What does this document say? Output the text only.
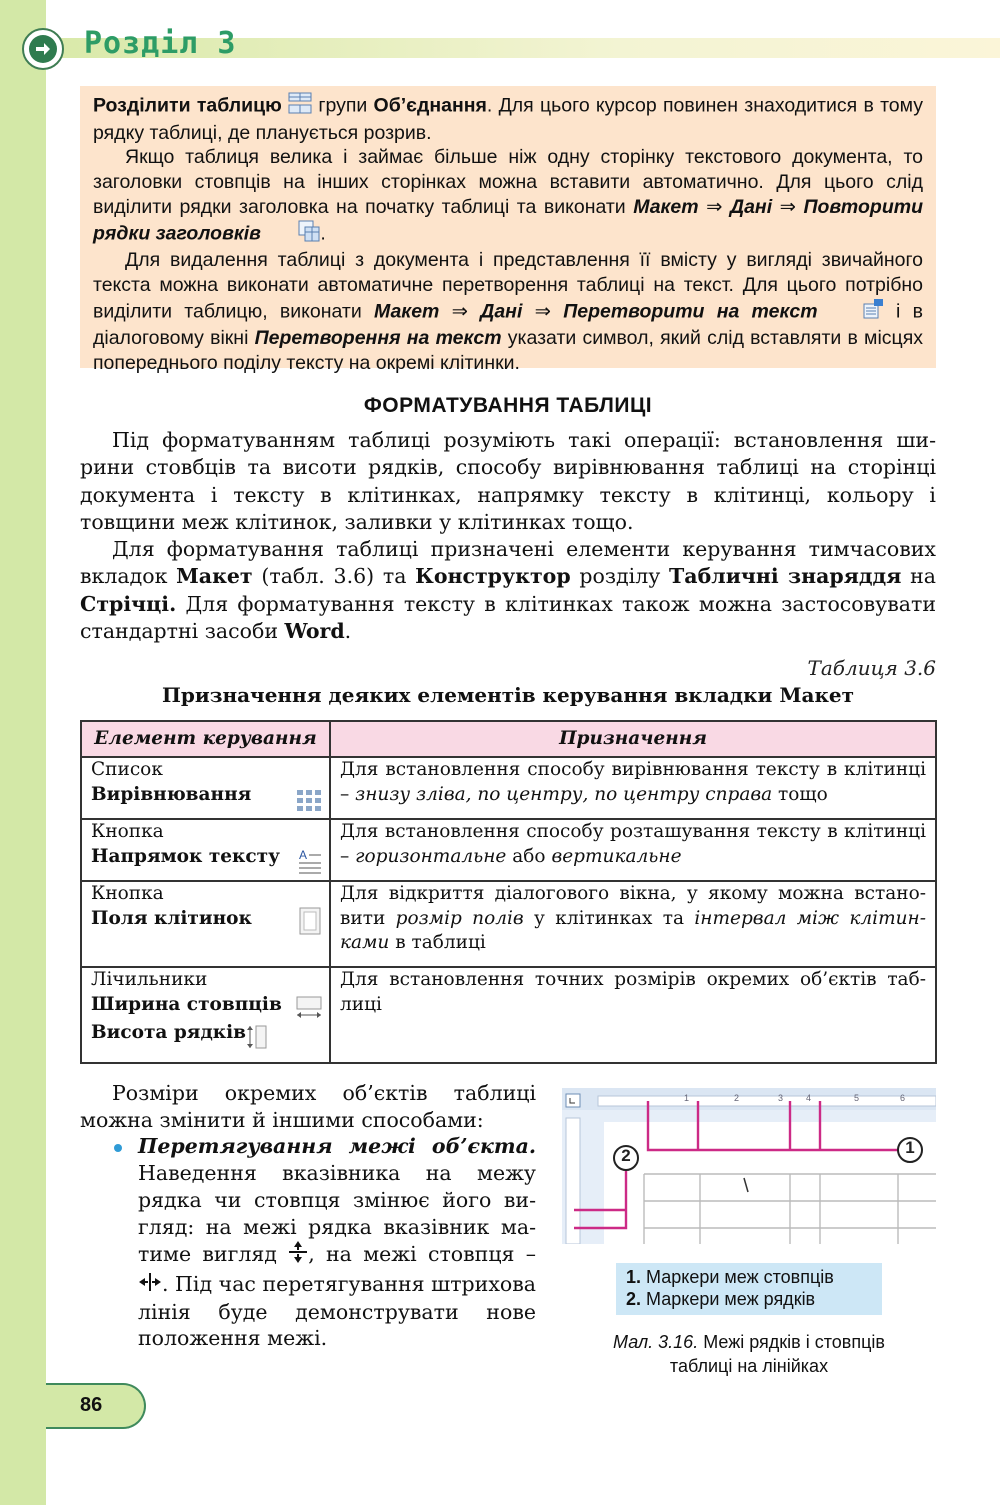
Розділ 3

Розділити таблицю  групи Об’єднання. Для цього курсор повинен знаходитися в тому рядку таблиці, де планується розрив.

Якщо таблиця велика і займає більше ніж одну сторінку текстового документа, то заголовки стовпців на інших сторінках можна вставити автоматично. Для цього слід виділити рядки заголовка на початку таблиці та виконати Макет ⇒ Дані ⇒ Повторити рядки заголовків	.

Для видалення таблиці з документа і представлення її вмісту у вигляді звичайного текста можна виконати автоматичне перетворення таблиці на текст. Для цього потрібно виділити таблицю, виконати Макет ⇒ Дані ⇒ Перетворити на текст	і в діалоговому вікні Перетворення на текст указати символ, який слід вставляти в місцях попереднього поділу тексту на окремі клітинки.

ФОРМАТУВАННЯ ТАБЛИЦІ

Під форматуванням таблиці розуміють такі операції: встановлення ширини стовбців та висоти рядків, способу вирівнювання таблиці на сторінці документа і тексту в клітинках, напрямку тексту в клітинці, кольору і товщини меж клітинок, заливки у клітинках тощо.

Для форматування таблиці призначені елементи керування тимчасових вкладок Макет (табл. 3.6) та Конструктор розділу Табличні знаряддя на Стрічці. Для форматування тексту в клітинках також можна застосовувати стандартні засоби Word.

Таблиця 3.6
Призначення деяких елементів керування вкладки Макет
Елемент керування	Призначення

Список
Вирівнювання	Для встановлення способу вирівнювання тексту в клітинці – знизу зліва, по центру, по центру справа тощо

Кнопка
Напрямок тексту A	Для встановлення способу розташування тексту в клітинці – горизонтальне або вертикальне

Кнопка
Поля клітинок	Для відкриття діалогового вікна, у якому можна встановити розмір полів у клітинках та інтервал між клітинками в таблиці

Лічильники
Ширина стовпців
Висота рядків	Для встановлення точних розмірів окремих об’єктів таблиці

Розміри окремих об’єктів таблиці можна змінити й іншими способами:

Перетягування межі об’єкта. Наведення вказівника на межу рядка чи стовпця змінює його вигляд: на межі рядка вказівник матиме вигляд , на межі стовпця – . Під час перетягування штрихова лінія буде демонструвати нове положення межі.
1	2	3	4	5	6
1
2
1. Маркери меж стовпців
2. Маркери меж рядків
Мал. 3.16. Межі рядків і стовпців
таблиці на лінійках
86
